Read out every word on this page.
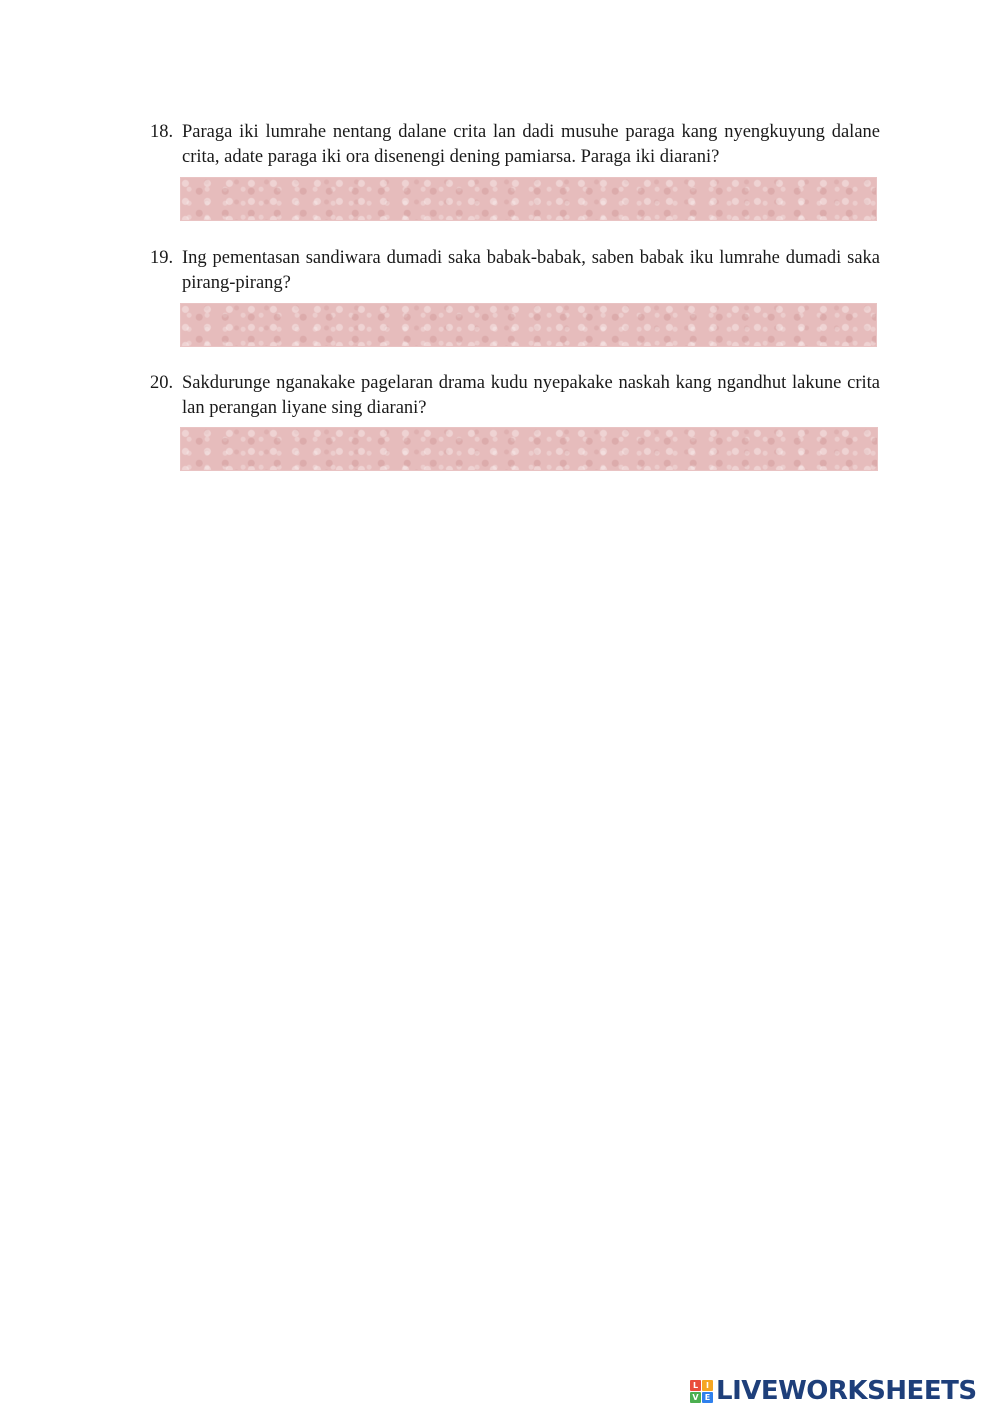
18. Paraga iki lumrahe nentang dalane crita lan dadi musuhe paraga kang nyengkuyung dalane crita, adate paraga iki ora disenengi dening pamiarsa. Paraga iki diarani?
19. Ing pementasan sandiwara dumadi saka babak-babak, saben babak iku lumrahe dumadi saka pirang-pirang?
20. Sakdurunge nganakake pagelaran drama kudu nyepakake naskah kang ngandhut lakune crita lan perangan liyane sing diarani?
L I
V E LIVEWORKSHEETS
